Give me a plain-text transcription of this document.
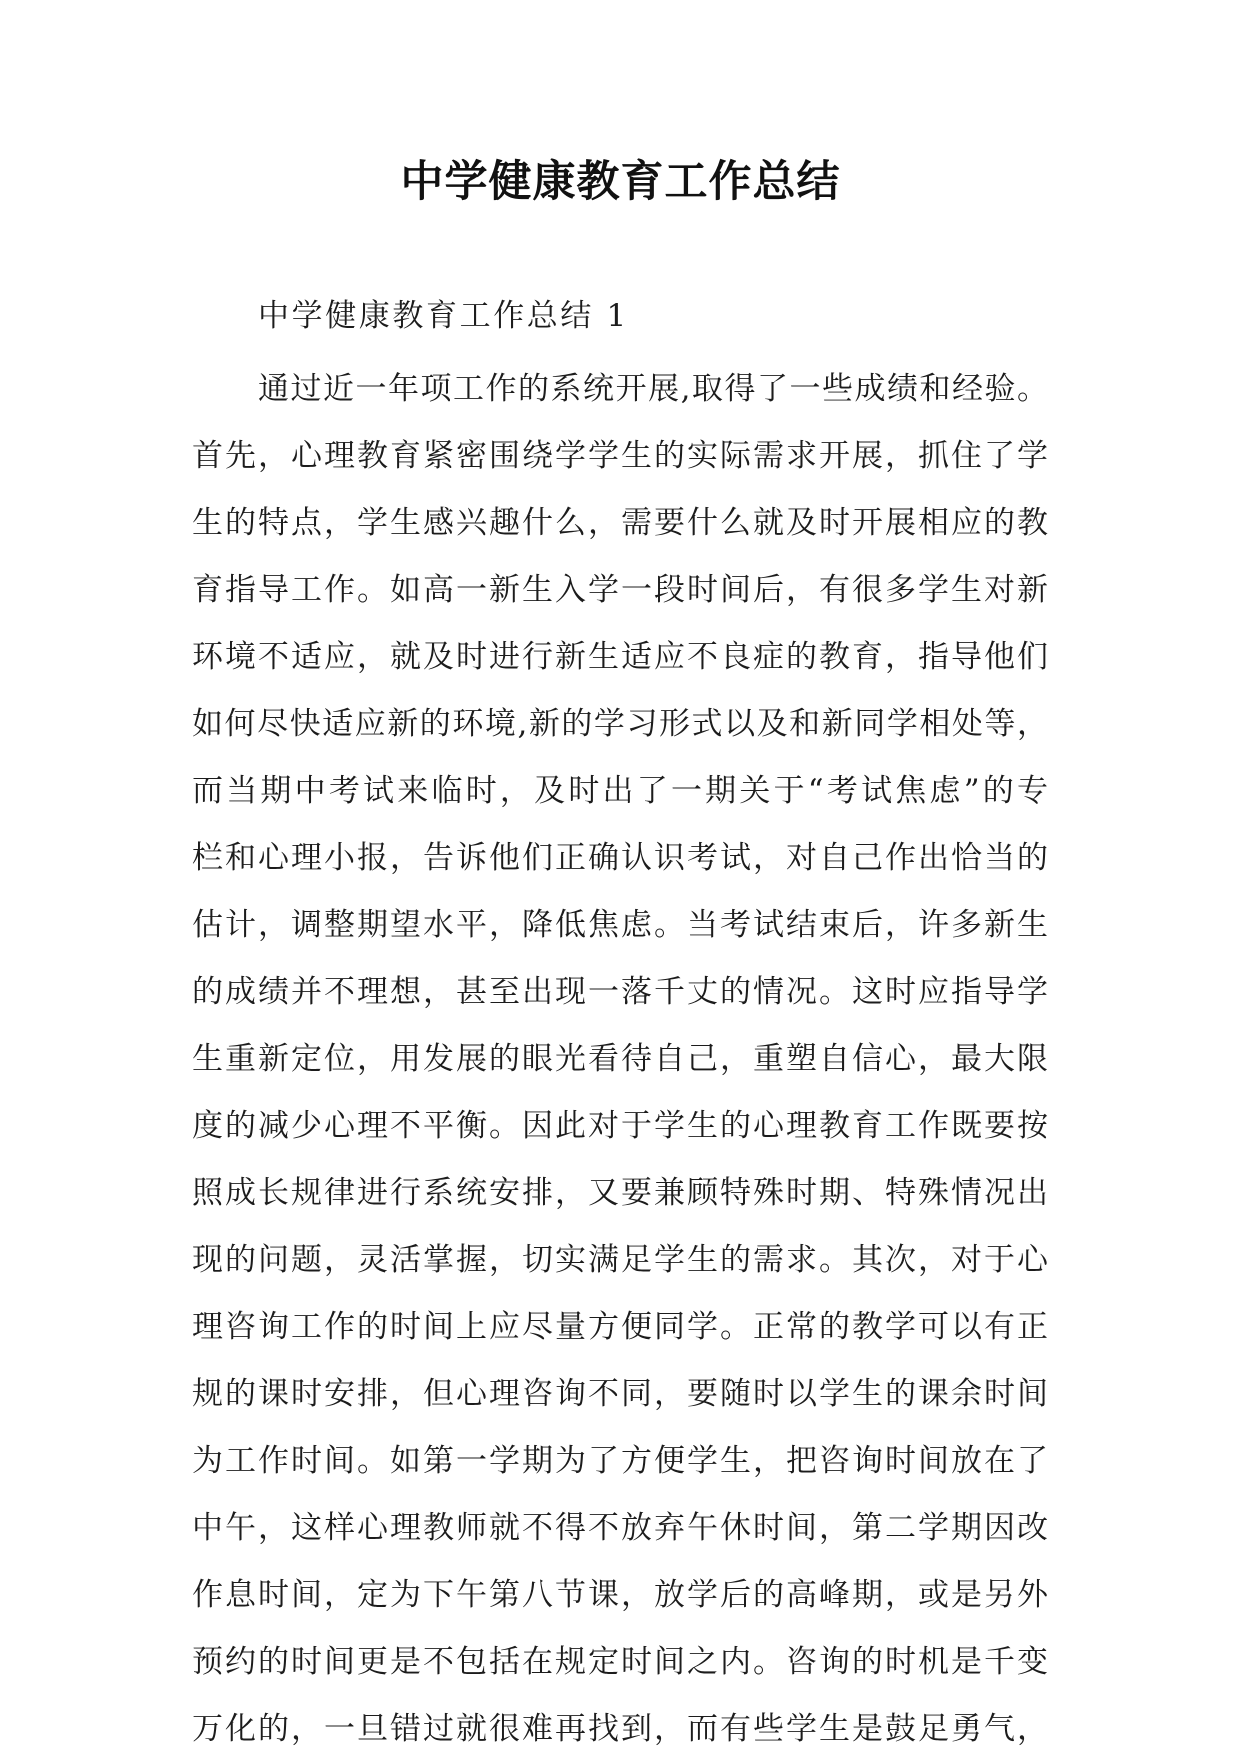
中学健康教育工作总结
中学健康教育工作总结 1
通过近一年项工作的系统开展,取得了一些成绩和经验。
首先，心理教育紧密围绕学学生的实际需求开展，抓住了学
生的特点，学生感兴趣什么，需要什么就及时开展相应的教
育指导工作。如高一新生入学一段时间后，有很多学生对新
环境不适应，就及时进行新生适应不良症的教育，指导他们
如何尽快适应新的环境,新的学习形式以及和新同学相处等，
而当期中考试来临时，及时出了一期关于“考试焦虑”的专
栏和心理小报，告诉他们正确认识考试，对自己作出恰当的
估计，调整期望水平，降低焦虑。当考试结束后，许多新生
的成绩并不理想，甚至出现一落千丈的情况。这时应指导学
生重新定位，用发展的眼光看待自己，重塑自信心，最大限
度的减少心理不平衡。因此对于学生的心理教育工作既要按
照成长规律进行系统安排，又要兼顾特殊时期、特殊情况出
现的问题，灵活掌握，切实满足学生的需求。其次，对于心
理咨询工作的时间上应尽量方便同学。正常的教学可以有正
规的课时安排，但心理咨询不同，要随时以学生的课余时间
为工作时间。如第一学期为了方便学生，把咨询时间放在了
中午，这样心理教师就不得不放弃午休时间，第二学期因改
作息时间，定为下午第八节课，放学后的高峰期，或是另外
预约的时间更是不包括在规定时间之内。咨询的时机是千变
万化的，一旦错过就很难再找到，而有些学生是鼓足勇气，
